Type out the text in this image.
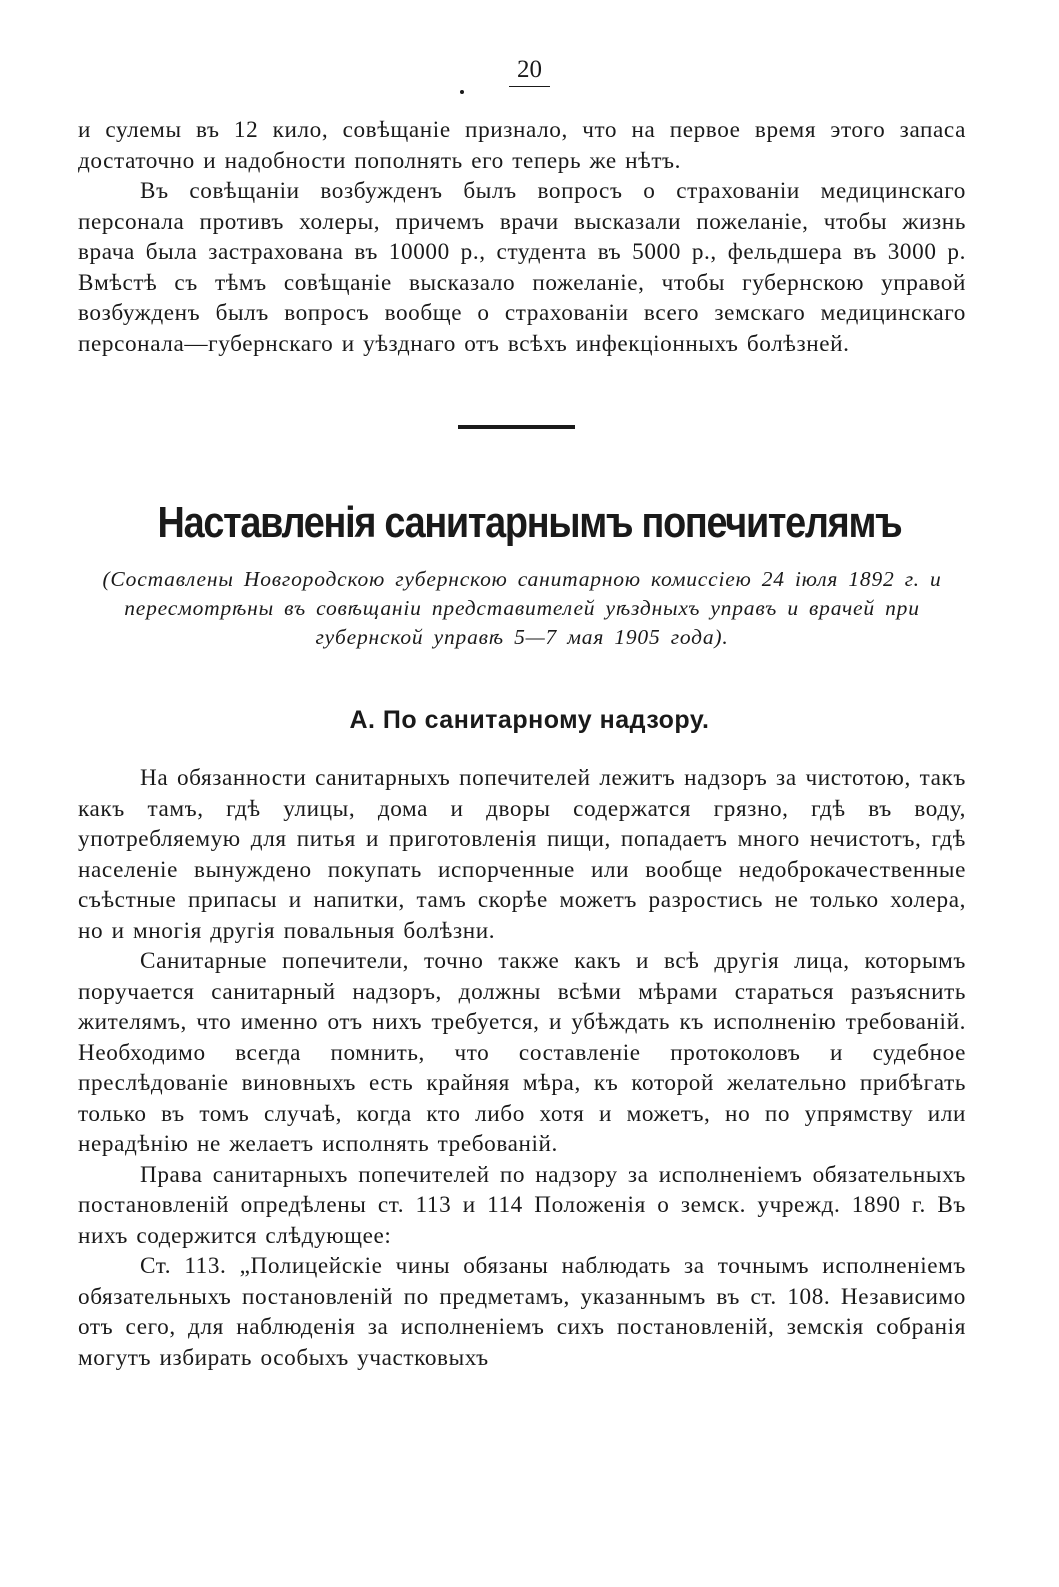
20

и сулемы въ 12 кило, совѣщаніе признало, что на первое время этого запаса достаточно и надобности пополнять его теперь же нѣтъ.

Въ совѣщаніи возбужденъ былъ вопросъ о страхованіи медицинскаго персонала противъ холеры, причемъ врачи высказали пожеланіе, чтобы жизнь врача была застрахована въ 10000 р., студента въ 5000 р., фельдшера въ 3000 р. Вмѣстѣ съ тѣмъ совѣщаніе высказало пожеланіе, чтобы губернскою управой возбужденъ былъ вопросъ вообще о страхованіи всего земскаго медицинскаго персонала—губернскаго и уѣзднаго отъ всѣхъ инфекціонныхъ болѣзней.

Наставленія санитарнымъ попечителямъ
(Составлены Новгородскою губернскою санитарною комиссіею 24 іюля 1892 г. и пересмотрѣны въ совѣщаніи представителей уѣздныхъ управъ и врачей при губернской управѣ 5—7 мая 1905 года).
А. По санитарному надзору.

На обязанности санитарныхъ попечителей лежитъ надзоръ за чистотою, такъ какъ тамъ, гдѣ улицы, дома и дворы содержатся грязно, гдѣ въ воду, употребляемую для питья и приготовленія пищи, попадаетъ много нечистотъ, гдѣ населеніе вынуждено покупать испорченные или вообще недоброкачественные съѣстные припасы и напитки, тамъ скорѣе можетъ разростись не только холера, но и многія другія повальныя болѣзни.

Санитарные попечители, точно также какъ и всѣ другія лица, которымъ поручается санитарный надзоръ, должны всѣми мѣрами стараться разъяснить жителямъ, что именно отъ нихъ требуется, и убѣждать къ исполненію требованій. Необходимо всегда помнить, что составленіе протоколовъ и судебное преслѣдованіе виновныхъ есть крайняя мѣра, къ которой желательно прибѣгать только въ томъ случаѣ, когда кто либо хотя и можетъ, но по упрямству или нерадѣнію не желаетъ исполнять требованій.

Права санитарныхъ попечителей по надзору за исполненіемъ обязательныхъ постановленій опредѣлены ст. 113 и 114 Положенія о земск. учрежд. 1890 г. Въ нихъ содержится слѣдующее:

Ст. 113. „Полицейскіе чины обязаны наблюдать за точнымъ исполненіемъ обязательныхъ постановленій по предметамъ, указаннымъ въ ст. 108. Независимо отъ сего, для наблюденія за исполненіемъ сихъ постановленій, земскія собранія могутъ избирать особыхъ участковыхъ
